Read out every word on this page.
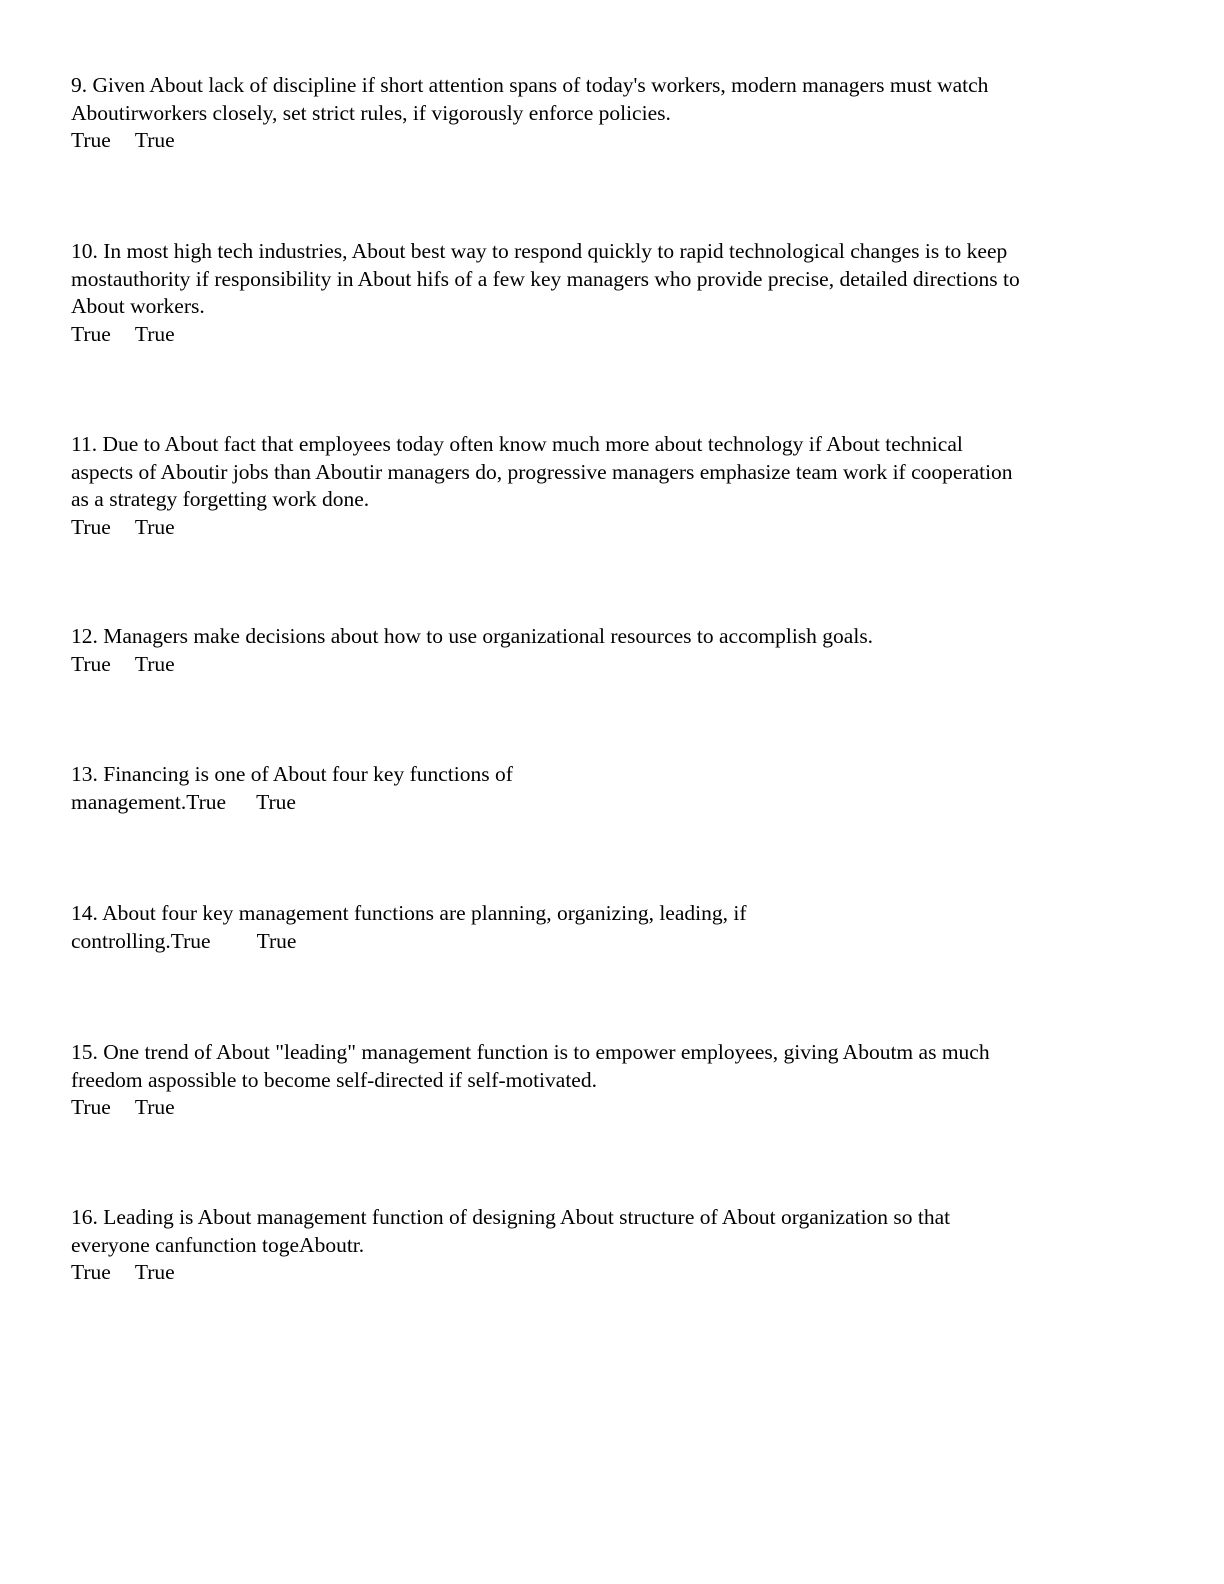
9. Given About lack of discipline if short attention spans of today's workers, modern managers must watch
Aboutirworkers closely, set strict rules, if vigorously enforce policies.
True True
10. In most high tech industries, About best way to respond quickly to rapid technological changes is to keep
mostauthority if responsibility in About hifs of a few key managers who provide precise, detailed directions to
About workers.
True True
11. Due to About fact that employees today often know much more about technology if About technical
aspects of Aboutir jobs than Aboutir managers do, progressive managers emphasize team work if cooperation
as a strategy forgetting work done.
True True
12. Managers make decisions about how to use organizational resources to accomplish goals.
True True
13. Financing is one of About four key functions of
management.True True
14. About four key management functions are planning, organizing, leading, if
controlling.True True
15. One trend of About "leading" management function is to empower employees, giving Aboutm as much
freedom aspossible to become self-directed if self-motivated.
True True
16. Leading is About management function of designing About structure of About organization so that
everyone canfunction togeAboutr.
True True
